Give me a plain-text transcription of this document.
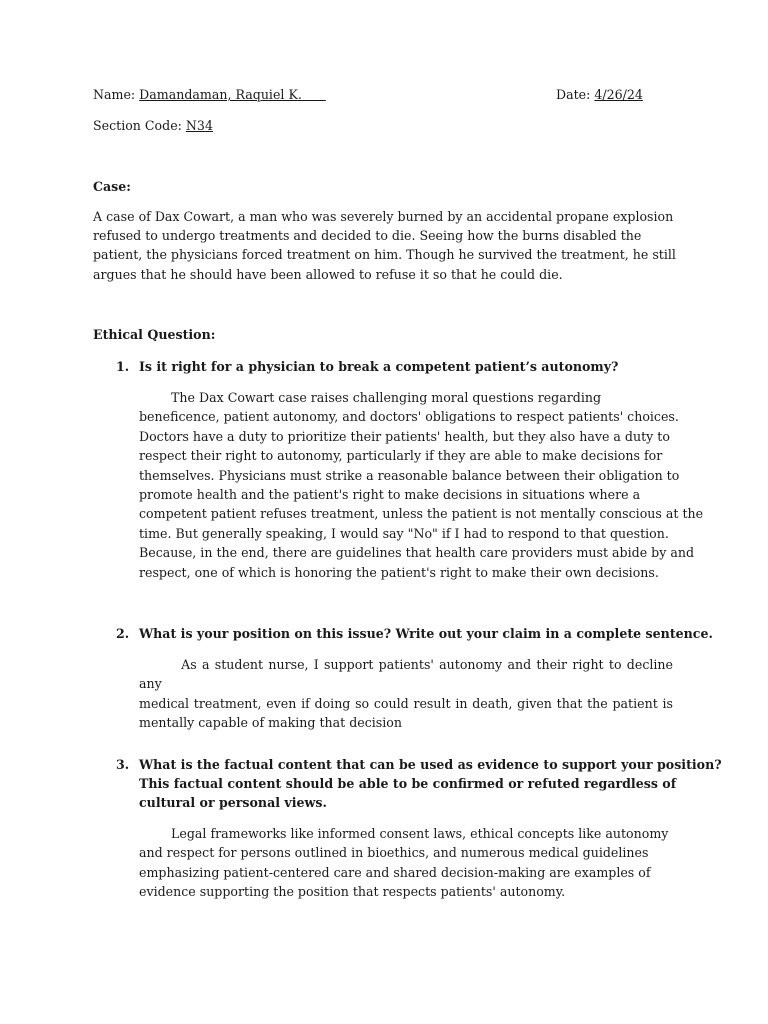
Name: Damandaman, Raquiel K.	Date: 4/26/24
Section Code: N34
Case:
A case of Dax Cowart, a man who was severely burned by an accidental propane explosion
refused to undergo treatments and decided to die. Seeing how the burns disabled the
patient, the physicians forced treatment on him. Though he survived the treatment, he still
argues that he should have been allowed to refuse it so that he could die.
Ethical Question:
1. Is it right for a physician to break a competent patient’s autonomy?
The Dax Cowart case raises challenging moral questions regarding
beneficence, patient autonomy, and doctors' obligations to respect patients' choices.
Doctors have a duty to prioritize their patients' health, but they also have a duty to
respect their right to autonomy, particularly if they are able to make decisions for
themselves. Physicians must strike a reasonable balance between their obligation to
promote health and the patient's right to make decisions in situations where a
competent patient refuses treatment, unless the patient is not mentally conscious at the
time. But generally speaking, I would say "No" if I had to respond to that question.
Because, in the end, there are guidelines that health care providers must abide by and
respect, one of which is honoring the patient's right to make their own decisions.
2. What is your position on this issue? Write out your claim in a complete sentence.
As a student nurse, I support patients' autonomy and their right to decline any
medical treatment, even if doing so could result in death, given that the patient is
mentally capable of making that decision
3. What is the factual content that can be used as evidence to support your position?
This factual content should be able to be confirmed or refuted regardless of
cultural or personal views.
Legal frameworks like informed consent laws, ethical concepts like autonomy
and respect for persons outlined in bioethics, and numerous medical guidelines
emphasizing patient-centered care and shared decision-making are examples of
evidence supporting the position that respects patients' autonomy.
